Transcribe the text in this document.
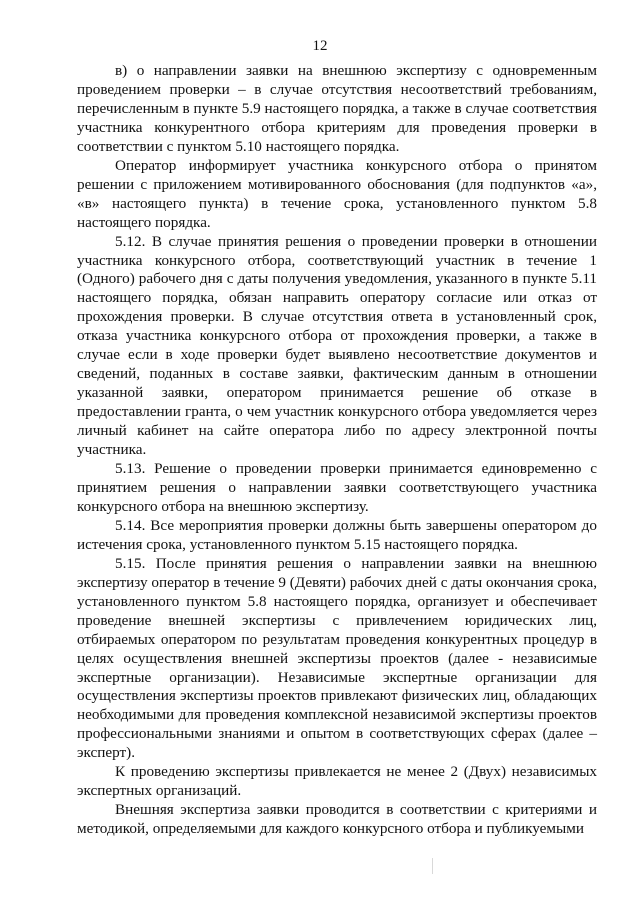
12

в) о направлении заявки на внешнюю экспертизу с одновременным проведением проверки – в случае отсутствия несоответствий требованиям, перечисленным в пункте 5.9 настоящего порядка, а также в случае соответствия участника конкурентного отбора критериям для проведения проверки в соответствии с пунктом 5.10 настоящего порядка.

Оператор информирует участника конкурсного отбора о принятом решении с приложением мотивированного обоснования (для подпунктов «а», «в» настоящего пункта) в течение срока, установленного пунктом 5.8 настоящего порядка.

5.12. В случае принятия решения о проведении проверки в отношении участника конкурсного отбора, соответствующий участник в течение 1 (Одного) рабочего дня с даты получения уведомления, указанного в пункте 5.11 настоящего порядка, обязан направить оператору согласие или отказ от прохождения проверки. В случае отсутствия ответа в установленный срок, отказа участника конкурсного отбора от прохождения проверки, а также в случае если в ходе проверки будет выявлено несоответствие документов и сведений, поданных в составе заявки, фактическим данным в отношении указанной заявки, оператором принимается решение об отказе в предоставлении гранта, о чем участник конкурсного отбора уведомляется через личный кабинет на сайте оператора либо по адресу электронной почты участника.

5.13. Решение о проведении проверки принимается единовременно с принятием решения о направлении заявки соответствующего участника конкурсного отбора на внешнюю экспертизу.

5.14. Все мероприятия проверки должны быть завершены оператором до истечения срока, установленного пунктом 5.15 настоящего порядка.

5.15. После принятия решения о направлении заявки на внешнюю экспертизу оператор в течение 9 (Девяти) рабочих дней с даты окончания срока, установленного пунктом 5.8 настоящего порядка, организует и обеспечивает проведение внешней экспертизы с привлечением юридических лиц, отбираемых оператором по результатам проведения конкурентных процедур в целях осуществления внешней экспертизы проектов (далее - независимые экспертные организации). Независимые экспертные организации для осуществления экспертизы проектов привлекают физических лиц, обладающих необходимыми для проведения комплексной независимой экспертизы проектов профессиональными знаниями и опытом в соответствующих сферах (далее – эксперт).

К проведению экспертизы привлекается не менее 2 (Двух) независимых экспертных организаций.

Внешняя экспертиза заявки проводится в соответствии с критериями и методикой, определяемыми для каждого конкурсного отбора и публикуемыми
